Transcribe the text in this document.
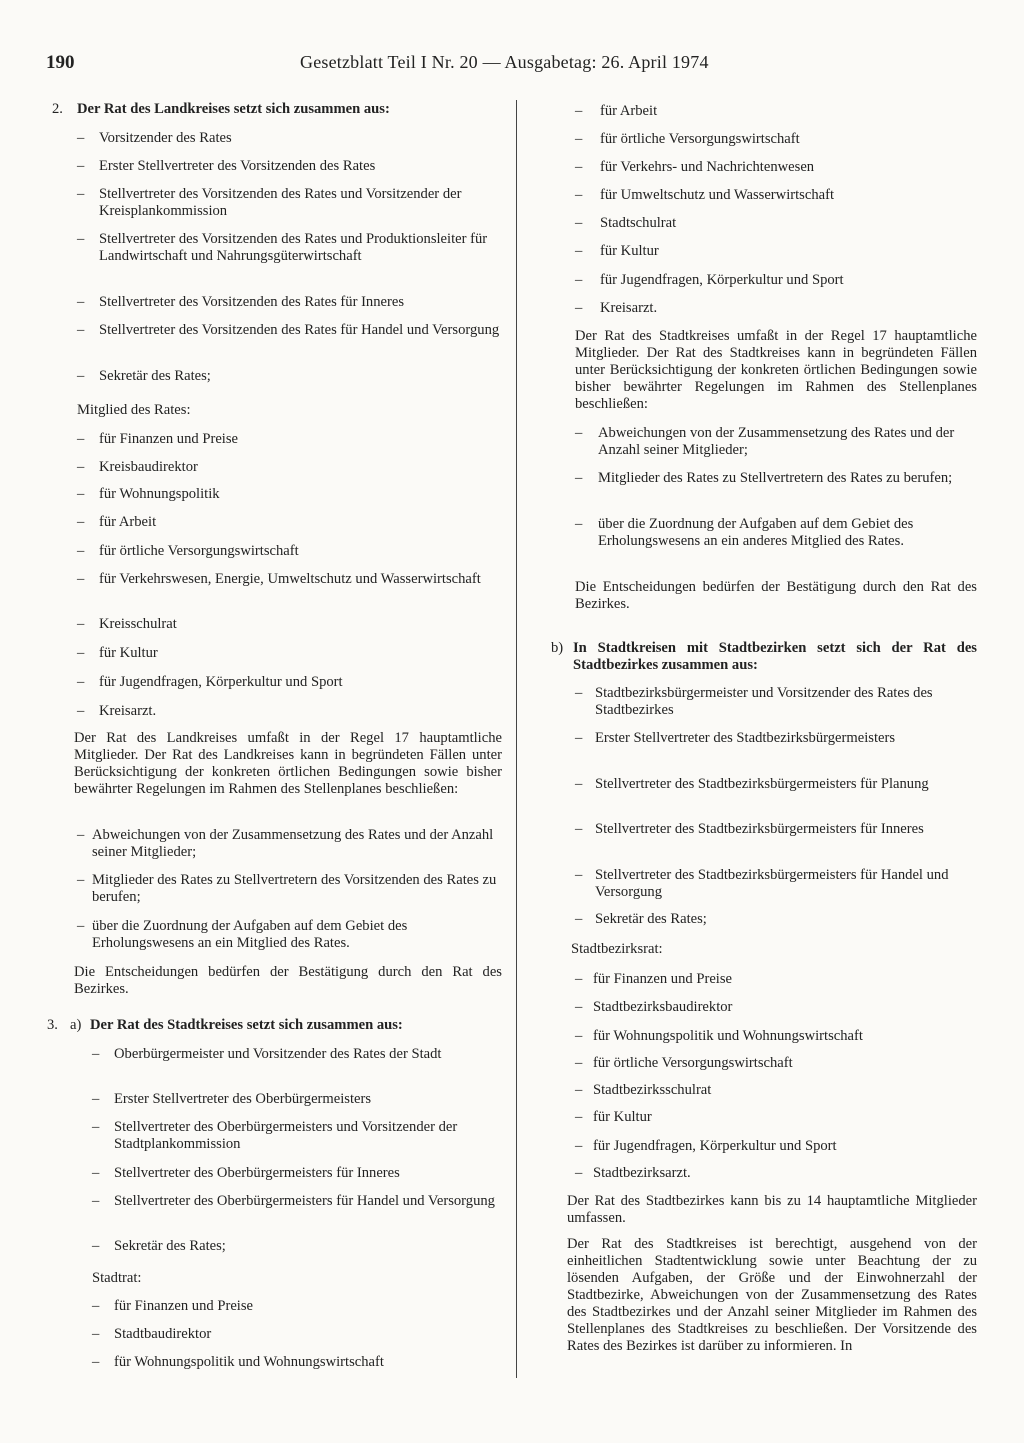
190	Gesetzblatt Teil I Nr. 20 — Ausgabetag: 26. April 1974
2. Der Rat des Landkreises setzt sich zusammen aus:
– Vorsitzender des Rates
– Erster Stellvertreter des Vorsitzenden des Rates
– Stellvertreter des Vorsitzenden des Rates und Vorsitzender der Kreisplankommission
– Stellvertreter des Vorsitzenden des Rates und Produktionsleiter für Landwirtschaft und Nahrungsgüterwirtschaft
– Stellvertreter des Vorsitzenden des Rates für Inneres
– Stellvertreter des Vorsitzenden des Rates für Handel und Versorgung
– Sekretär des Rates;
Mitglied des Rates:
– für Finanzen und Preise
– Kreisbaudirektor
– für Wohnungspolitik
– für Arbeit
– für örtliche Versorgungswirtschaft
– für Verkehrswesen, Energie, Umweltschutz und Wasserwirtschaft
– Kreisschulrat
– für Kultur
– für Jugendfragen, Körperkultur und Sport
– Kreisarzt.
Der Rat des Landkreises umfaßt in der Regel 17 hauptamtliche Mitglieder. Der Rat des Landkreises kann in begründeten Fällen unter Berücksichtigung der konkreten örtlichen Bedingungen sowie bisher bewährter Regelungen im Rahmen des Stellenplanes beschließen:
– Abweichungen von der Zusammensetzung des Rates und der Anzahl seiner Mitglieder;
– Mitglieder des Rates zu Stellvertretern des Vorsitzenden des Rates zu berufen;
– über die Zuordnung der Aufgaben auf dem Gebiet des Erholungswesens an ein Mitglied des Rates.
Die Entscheidungen bedürfen der Bestätigung durch den Rat des Bezirkes.
3. a) Der Rat des Stadtkreises setzt sich zusammen aus:
– Oberbürgermeister und Vorsitzender des Rates der Stadt
– Erster Stellvertreter des Oberbürgermeisters
– Stellvertreter des Oberbürgermeisters und Vorsitzender der Stadtplankommission
– Stellvertreter des Oberbürgermeisters für Inneres
– Stellvertreter des Oberbürgermeisters für Handel und Versorgung
– Sekretär des Rates;
Stadtrat:
– für Finanzen und Preise
– Stadtbaudirektor
– für Wohnungspolitik und Wohnungswirtschaft
– für Arbeit
– für örtliche Versorgungswirtschaft
– für Verkehrs- und Nachrichtenwesen
– für Umweltschutz und Wasserwirtschaft
– Stadtschulrat
– für Kultur
– für Jugendfragen, Körperkultur und Sport
– Kreisarzt.
Der Rat des Stadtkreises umfaßt in der Regel 17 hauptamtliche Mitglieder. Der Rat des Stadtkreises kann in begründeten Fällen unter Berücksichtigung der konkreten örtlichen Bedingungen sowie bisher bewährter Regelungen im Rahmen des Stellenplanes beschließen:
– Abweichungen von der Zusammensetzung des Rates und der Anzahl seiner Mitglieder;
– Mitglieder des Rates zu Stellvertretern des Rates zu berufen;
– über die Zuordnung der Aufgaben auf dem Gebiet des Erholungswesens an ein anderes Mitglied des Rates.
Die Entscheidungen bedürfen der Bestätigung durch den Rat des Bezirkes.
b) In Stadtkreisen mit Stadtbezirken setzt sich der Rat des Stadtbezirkes zusammen aus:
– Stadtbezirksbürgermeister und Vorsitzender des Rates des Stadtbezirkes
– Erster Stellvertreter des Stadtbezirksbürgermeisters
– Stellvertreter des Stadtbezirksbürgermeisters für Planung
– Stellvertreter des Stadtbezirksbürgermeisters für Inneres
– Stellvertreter des Stadtbezirksbürgermeisters für Handel und Versorgung
– Sekretär des Rates;
Stadtbezirksrat:
– für Finanzen und Preise
– Stadtbezirksbaudirektor
– für Wohnungspolitik und Wohnungswirtschaft
– für örtliche Versorgungswirtschaft
– Stadtbezirksschulrat
– für Kultur
– für Jugendfragen, Körperkultur und Sport
– Stadtbezirksarzt.
Der Rat des Stadtbezirkes kann bis zu 14 hauptamtliche Mitglieder umfassen.
Der Rat des Stadtkreises ist berechtigt, ausgehend von der einheitlichen Stadtentwicklung sowie unter Beachtung der zu lösenden Aufgaben, der Größe und der Einwohnerzahl der Stadtbezirke, Abweichungen von der Zusammensetzung des Rates des Stadtbezirkes und der Anzahl seiner Mitglieder im Rahmen des Stellenplanes des Stadtkreises zu beschließen. Der Vorsitzende des Rates des Bezirkes ist darüber zu informieren. In
